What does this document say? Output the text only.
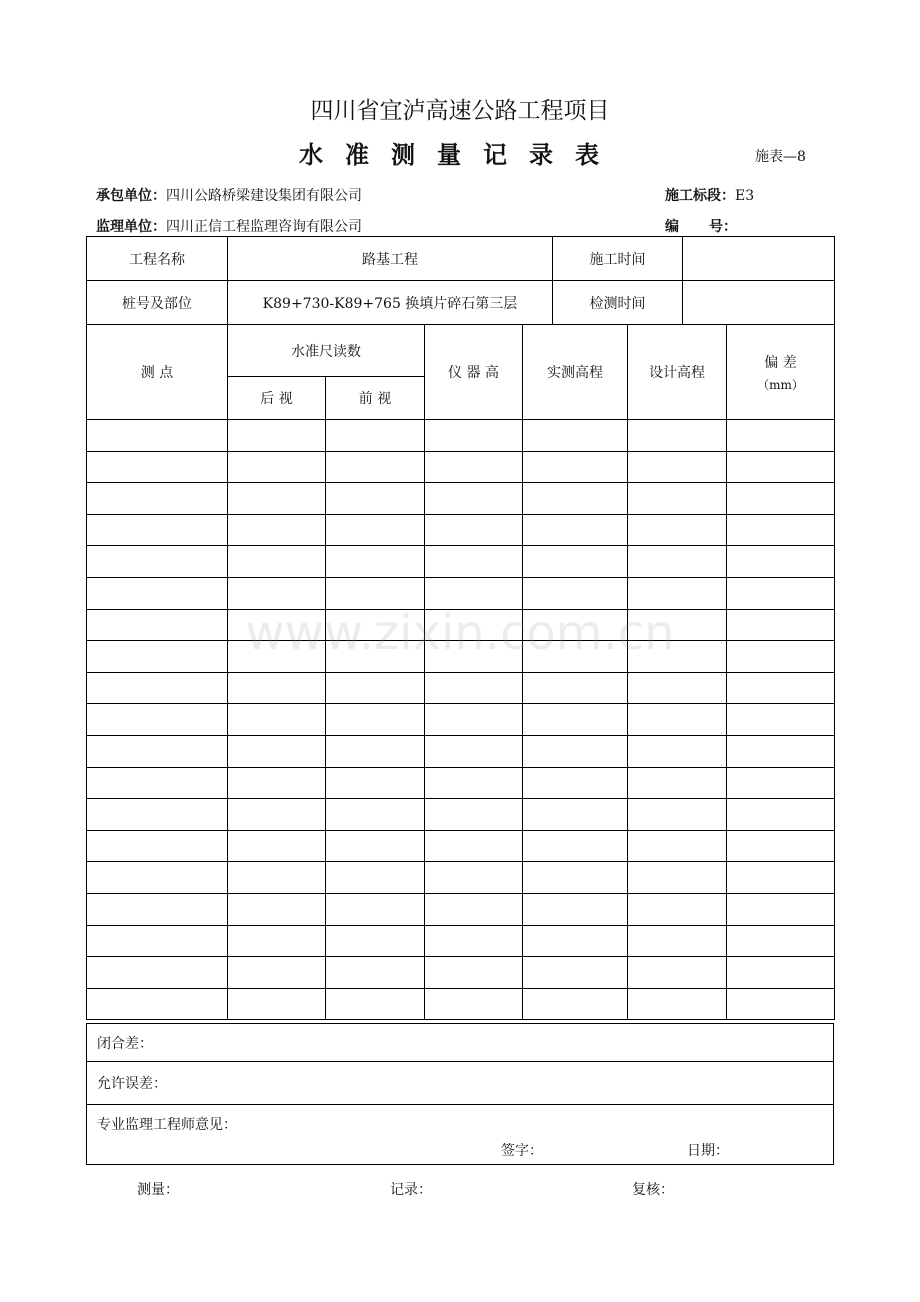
四川省宜泸高速公路工程项目
水准测量记录表	施表—8
承包单位：四川公路桥梁建设集团有限公司
监理单位：四川正信工程监理咨询有限公司
施工标段：E3
编 号：
工程名称	路基工程	施工时间	
桩号及部位	K89+730-K89+765 换填片碎石第三层	检测时间	
测 点	水准尺读数		仪 器 高	实测高程	设计高程	偏 差
（mm）

	后 视	前 视				

闭合差：
允许误差：

专业监理工程师意见：
签字：	日期：
测量：	记录：	复核：
www.zixin.com.cn
